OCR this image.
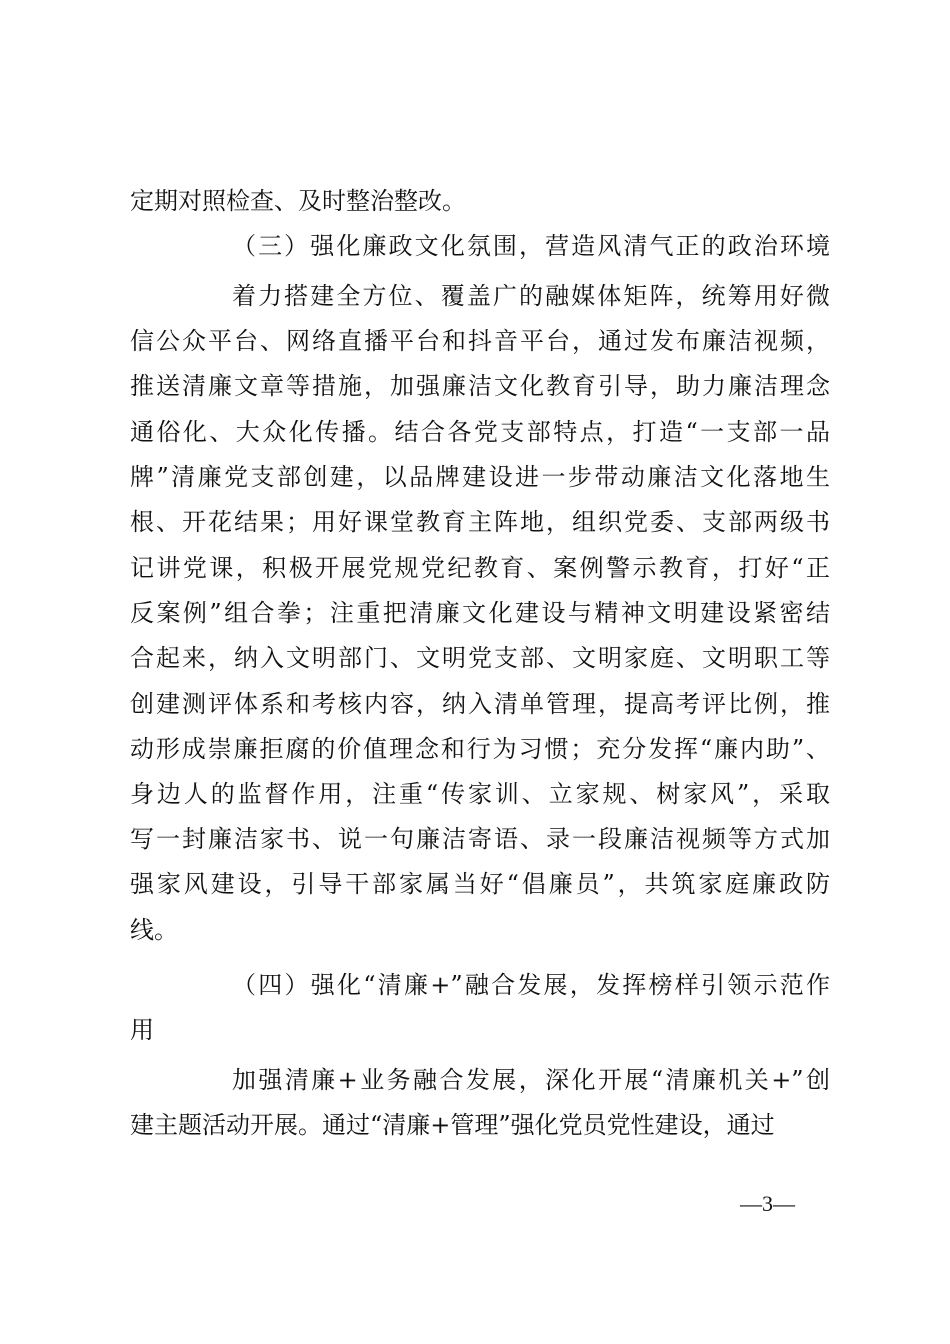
定期对照检查、及时整治整改。
（三）强化廉政文化氛围，营造风清气正的政治环境
着力搭建全方位、覆盖广的融媒体矩阵，统筹用好微
信公众平台、网络直播平台和抖音平台，通过发布廉洁视频，
推送清廉文章等措施，加强廉洁文化教育引导，助力廉洁理念
通俗化、大众化传播。结合各党支部特点，打造“一支部一品
牌”清廉党支部创建，以品牌建设进一步带动廉洁文化落地生
根、开花结果；用好课堂教育主阵地，组织党委、支部两级书
记讲党课，积极开展党规党纪教育、案例警示教育，打好“正
反案例”组合拳；注重把清廉文化建设与精神文明建设紧密结
合起来，纳入文明部门、文明党支部、文明家庭、文明职工等
创建测评体系和考核内容，纳入清单管理，提高考评比例，推
动形成崇廉拒腐的价值理念和行为习惯；充分发挥“廉内助”、
身边人的监督作用，注重“传家训、立家规、树家风”，采取
写一封廉洁家书、说一句廉洁寄语、录一段廉洁视频等方式加
强家风建设，引导干部家属当好“倡廉员”，共筑家庭廉政防
线。
（四）强化“清廉+”融合发展，发挥榜样引领示范作
用
加强清廉+业务融合发展，深化开展“清廉机关+”创
建主题活动开展。通过“清廉+管理”强化党员党性建设，通过
—3—
